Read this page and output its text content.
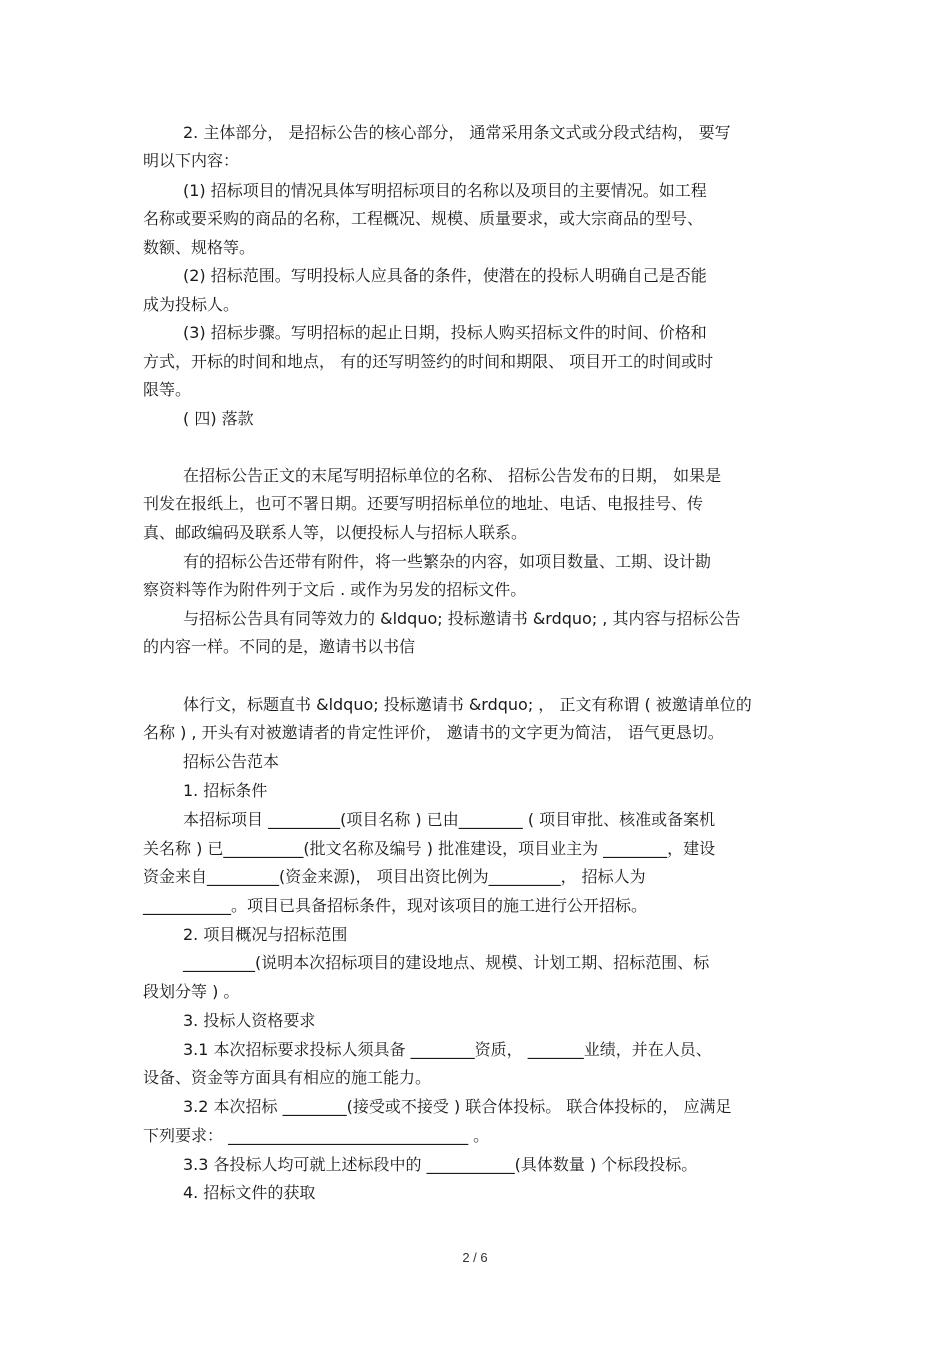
2. 主体部分， 是招标公告的核心部分， 通常采用条文式或分段式结构， 要写
明以下内容：
(1) 招标项目的情况具体写明招标项目的名称以及项目的主要情况。如工程
名称或要采购的商品的名称，工程概况、规模、质量要求，或大宗商品的型号、
数额、规格等。
(2) 招标范围。写明投标人应具备的条件，使潜在的投标人明确自己是否能
成为投标人。
(3) 招标步骤。写明招标的起止日期，投标人购买招标文件的时间、价格和
方式，开标的时间和地点， 有的还写明签约的时间和期限、 项目开工的时间或时
限等。
( 四) 落款
在招标公告正文的末尾写明招标单位的名称、 招标公告发布的日期， 如果是
刊发在报纸上，也可不署日期。还要写明招标单位的地址、电话、电报挂号、传
真、邮政编码及联系人等，以便投标人与招标人联系。
有的招标公告还带有附件，将一些繁杂的内容，如项目数量、工期、设计勘
察资料等作为附件列于文后 . 或作为另发的招标文件。
与招标公告具有同等效力的 &ldquo; 投标邀请书 &rdquo; , 其内容与招标公告
的内容一样。不同的是，邀请书以书信
体行文，标题直书 &ldquo; 投标邀请书 &rdquo; ， 正文有称谓 ( 被邀请单位的
名称 ) , 开头有对被邀请者的肯定性评价， 邀请书的文字更为简洁， 语气更恳切。
招标公告范本
1. 招标条件
本招标项目 _________(项目名称 ) 已由________ ( 项目审批、核准或备案机
关名称 ) 已__________(批文名称及编号 ) 批准建设，项目业主为 ________，建设
资金来自_________(资金来源)， 项目出资比例为_________， 招标人为
___________。项目已具备招标条件，现对该项目的施工进行公开招标。
2. 项目概况与招标范围
_________(说明本次招标项目的建设地点、规模、计划工期、招标范围、标
段划分等 ) 。
3. 投标人资格要求
3.1 本次招标要求投标人须具备 ________资质， _______业绩，并在人员、
设备、资金等方面具有相应的施工能力。
3.2 本次招标 ________(接受或不接受 ) 联合体投标。 联合体投标的， 应满足
下列要求： ______________________________ 。
3.3 各投标人均可就上述标段中的 ___________(具体数量 ) 个标段投标。
4. 招标文件的获取
2 / 6
